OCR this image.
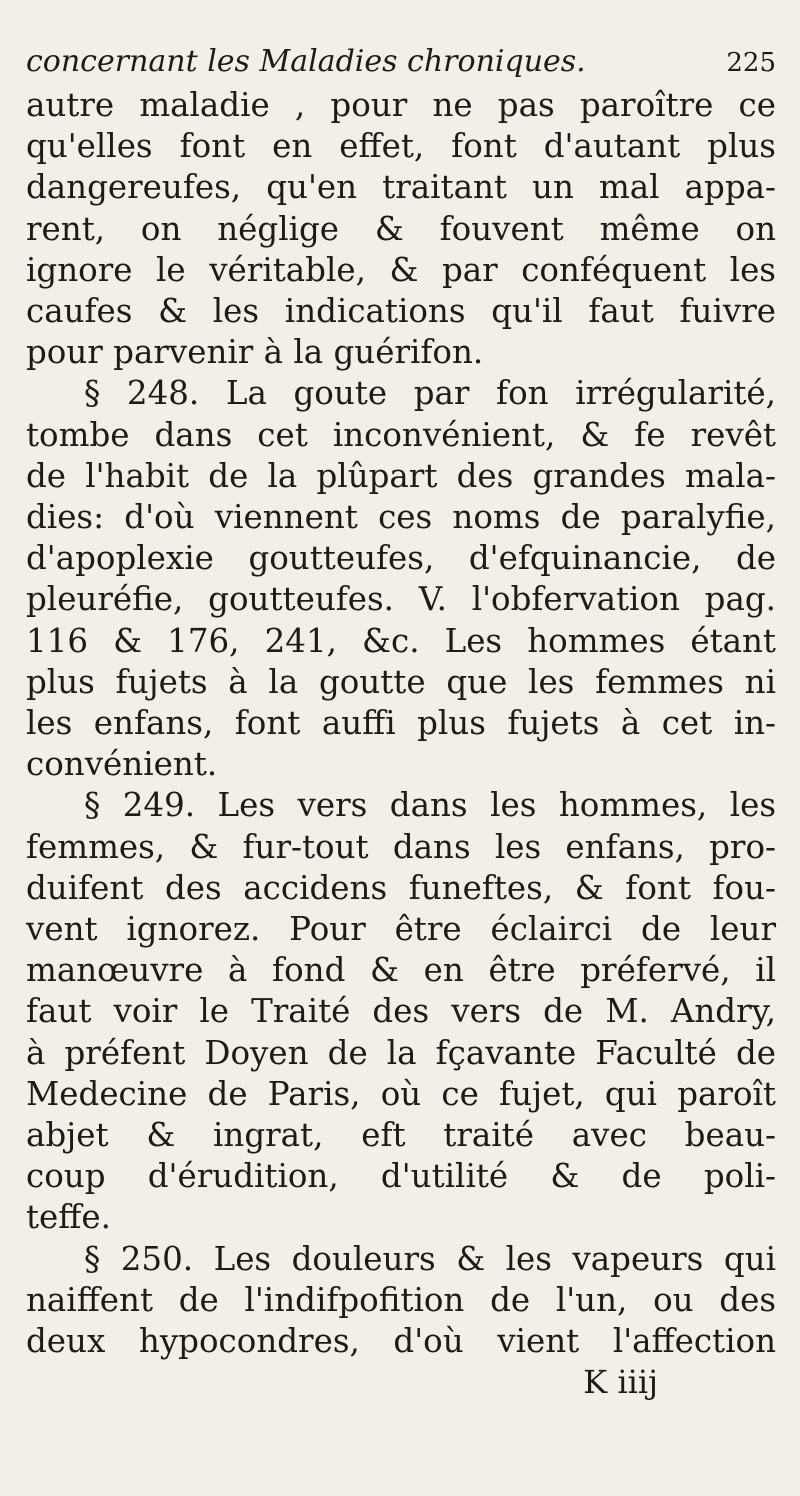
concernant les Maladies chroniques.	225
autre maladie , pour ne pas paroître ce
qu'elles font en effet, font d'autant plus
dangereufes, qu'en traitant un mal appa-
rent, on néglige & fouvent même on
ignore le véritable, & par conféquent les
caufes & les indications qu'il faut fuivre
pour parvenir à la guérifon.
§ 248. La goute par fon irrégularité,
tombe dans cet inconvénient, & fe revêt
de l'habit de la plûpart des grandes mala-
dies: d'où viennent ces noms de paralyfie,
d'apoplexie goutteufes, d'efquinancie, de
pleuréfie, goutteufes. V. l'obfervation pag.
116 & 176, 241, &c. Les hommes étant
plus fujets à la goutte que les femmes ni
les enfans, font auffi plus fujets à cet in-
convénient.
§ 249. Les vers dans les hommes, les
femmes, & fur-tout dans les enfans, pro-
duifent des accidens funeftes, & font fou-
vent ignorez. Pour être éclairci de leur
manœuvre à fond & en être préfervé, il
faut voir le Traité des vers de M. Andry,
à préfent Doyen de la fçavante Faculté de
Medecine de Paris, où ce fujet, qui paroît
abjet & ingrat, eft traité avec beau-
coup d'érudition, d'utilité & de poli-
teffe.
§ 250. Les douleurs & les vapeurs qui
naiffent de l'indifpofition de l'un, ou des
deux hypocondres, d'où vient l'affection
K iiij
